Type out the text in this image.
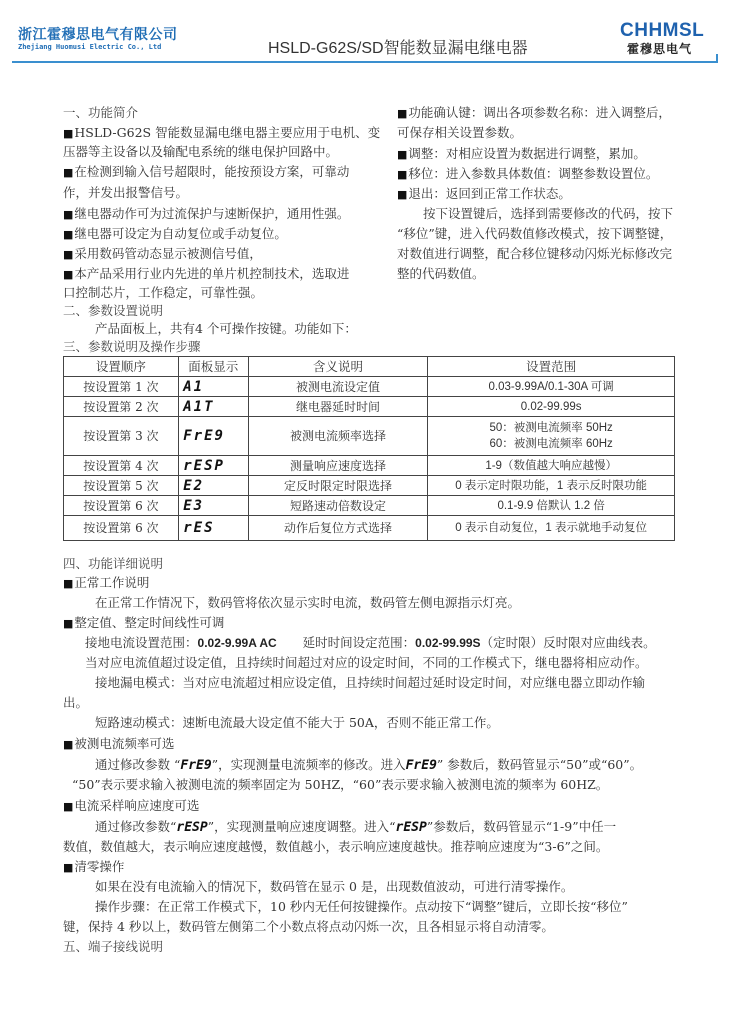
浙江霍穆思电气有限公司
Zhejiang Huomusi Electric Co., Ltd	HSLD-G62S/SD智能数显漏电继电器
CHHMSL
霍穆思电气
一、功能简介
■HSLD-G62S 智能数显漏电继电器主要应用于电机、变
压器等主设备以及输配电系统的继电保护回路中。
■在检测到输入信号超限时，能按预设方案，可靠动
作，并发出报警信号。
■继电器动作可为过流保护与速断保护，通用性强。
■继电器可设定为自动复位或手动复位。
■采用数码管动态显示被测信号值，
■本产品采用行业内先进的单片机控制技术，选取进
口控制芯片，工作稳定，可靠性强。
二、参数设置说明
产品面板上，共有4 个可操作按键。功能如下：
三、参数说明及操作步骤
■功能确认键：调出各项参数名称：进入调整后，
可保存相关设置参数。
■调整：对相应设置为数据进行调整，累加。
■移位：进入参数具体数值：调整参数设置位。
■退出：返回到正常工作状态。
按下设置键后，选择到需要修改的代码，按下
“移位”键，进入代码数值修改模式，按下调整键，
对数值进行调整，配合移位键移动闪烁光标修改完
整的代码数值。
设置顺序	面板显示	含义说明	设置范围
按设置第 1 次	A1	被测电流设定值	0.03-9.99A/0.1-30A 可调
按设置第 2 次	A1T	继电器延时时间	0.02-99.99s
按设置第 3 次	FrE9	被测电流频率选择	50：被测电流频率 50Hz
60：被测电流频率 60Hz

按设置第 4 次	rESP	测量响应速度选择	1-9（数值越大响应越慢）
按设置第 5 次	E2	定反时限定时限选择	0 表示定时限功能，1 表示反时限功能
按设置第 6 次	E3	短路速动倍数设定	0.1-9.9 倍默认 1.2 倍
按设置第 6 次	rES	动作后复位方式选择	0 表示自动复位，1 表示就地手动复位
四、功能详细说明
■正常工作说明
在正常工作情况下，数码管将依次显示实时电流，数码管左侧电源指示灯亮。
■整定值、整定时间线性可调
接地电流设置范围：0.02-9.99A AC 延时时间设定范围：0.02-99.99S（定时限）反时限对应曲线表。
当对应电流值超过设定值，且持续时间超过对应的设定时间，不同的工作模式下，继电器将相应动作。
接地漏电模式：当对应电流超过相应设定值，且持续时间超过延时设定时间，对应继电器立即动作输
出。
短路速动模式：速断电流最大设定值不能大于 50A，否则不能正常工作。
■被测电流频率可选
通过修改参数 “FrE9”，实现测量电流频率的修改。进入FrE9” 参数后，数码管显示“50”或“60”。
“50”表示要求输入被测电流的频率固定为 50HZ，“60”表示要求输入被测电流的频率为 60HZ。
■电流采样响应速度可选
通过修改参数“rESP”，实现测量响应速度调整。进入“rESP”参数后，数码管显示“1-9”中任一
数值，数值越大，表示响应速度越慢，数值越小，表示响应速度越快。推荐响应速度为“3-6”之间。
■清零操作
如果在没有电流输入的情况下，数码管在显示 0 是，出现数值波动，可进行清零操作。
操作步骤：在正常工作模式下，10 秒内无任何按键操作。点动按下“调整”键后，立即长按“移位”
键，保持 4 秒以上，数码管左侧第二个小数点将点动闪烁一次，且各相显示将自动清零。
五、端子接线说明
